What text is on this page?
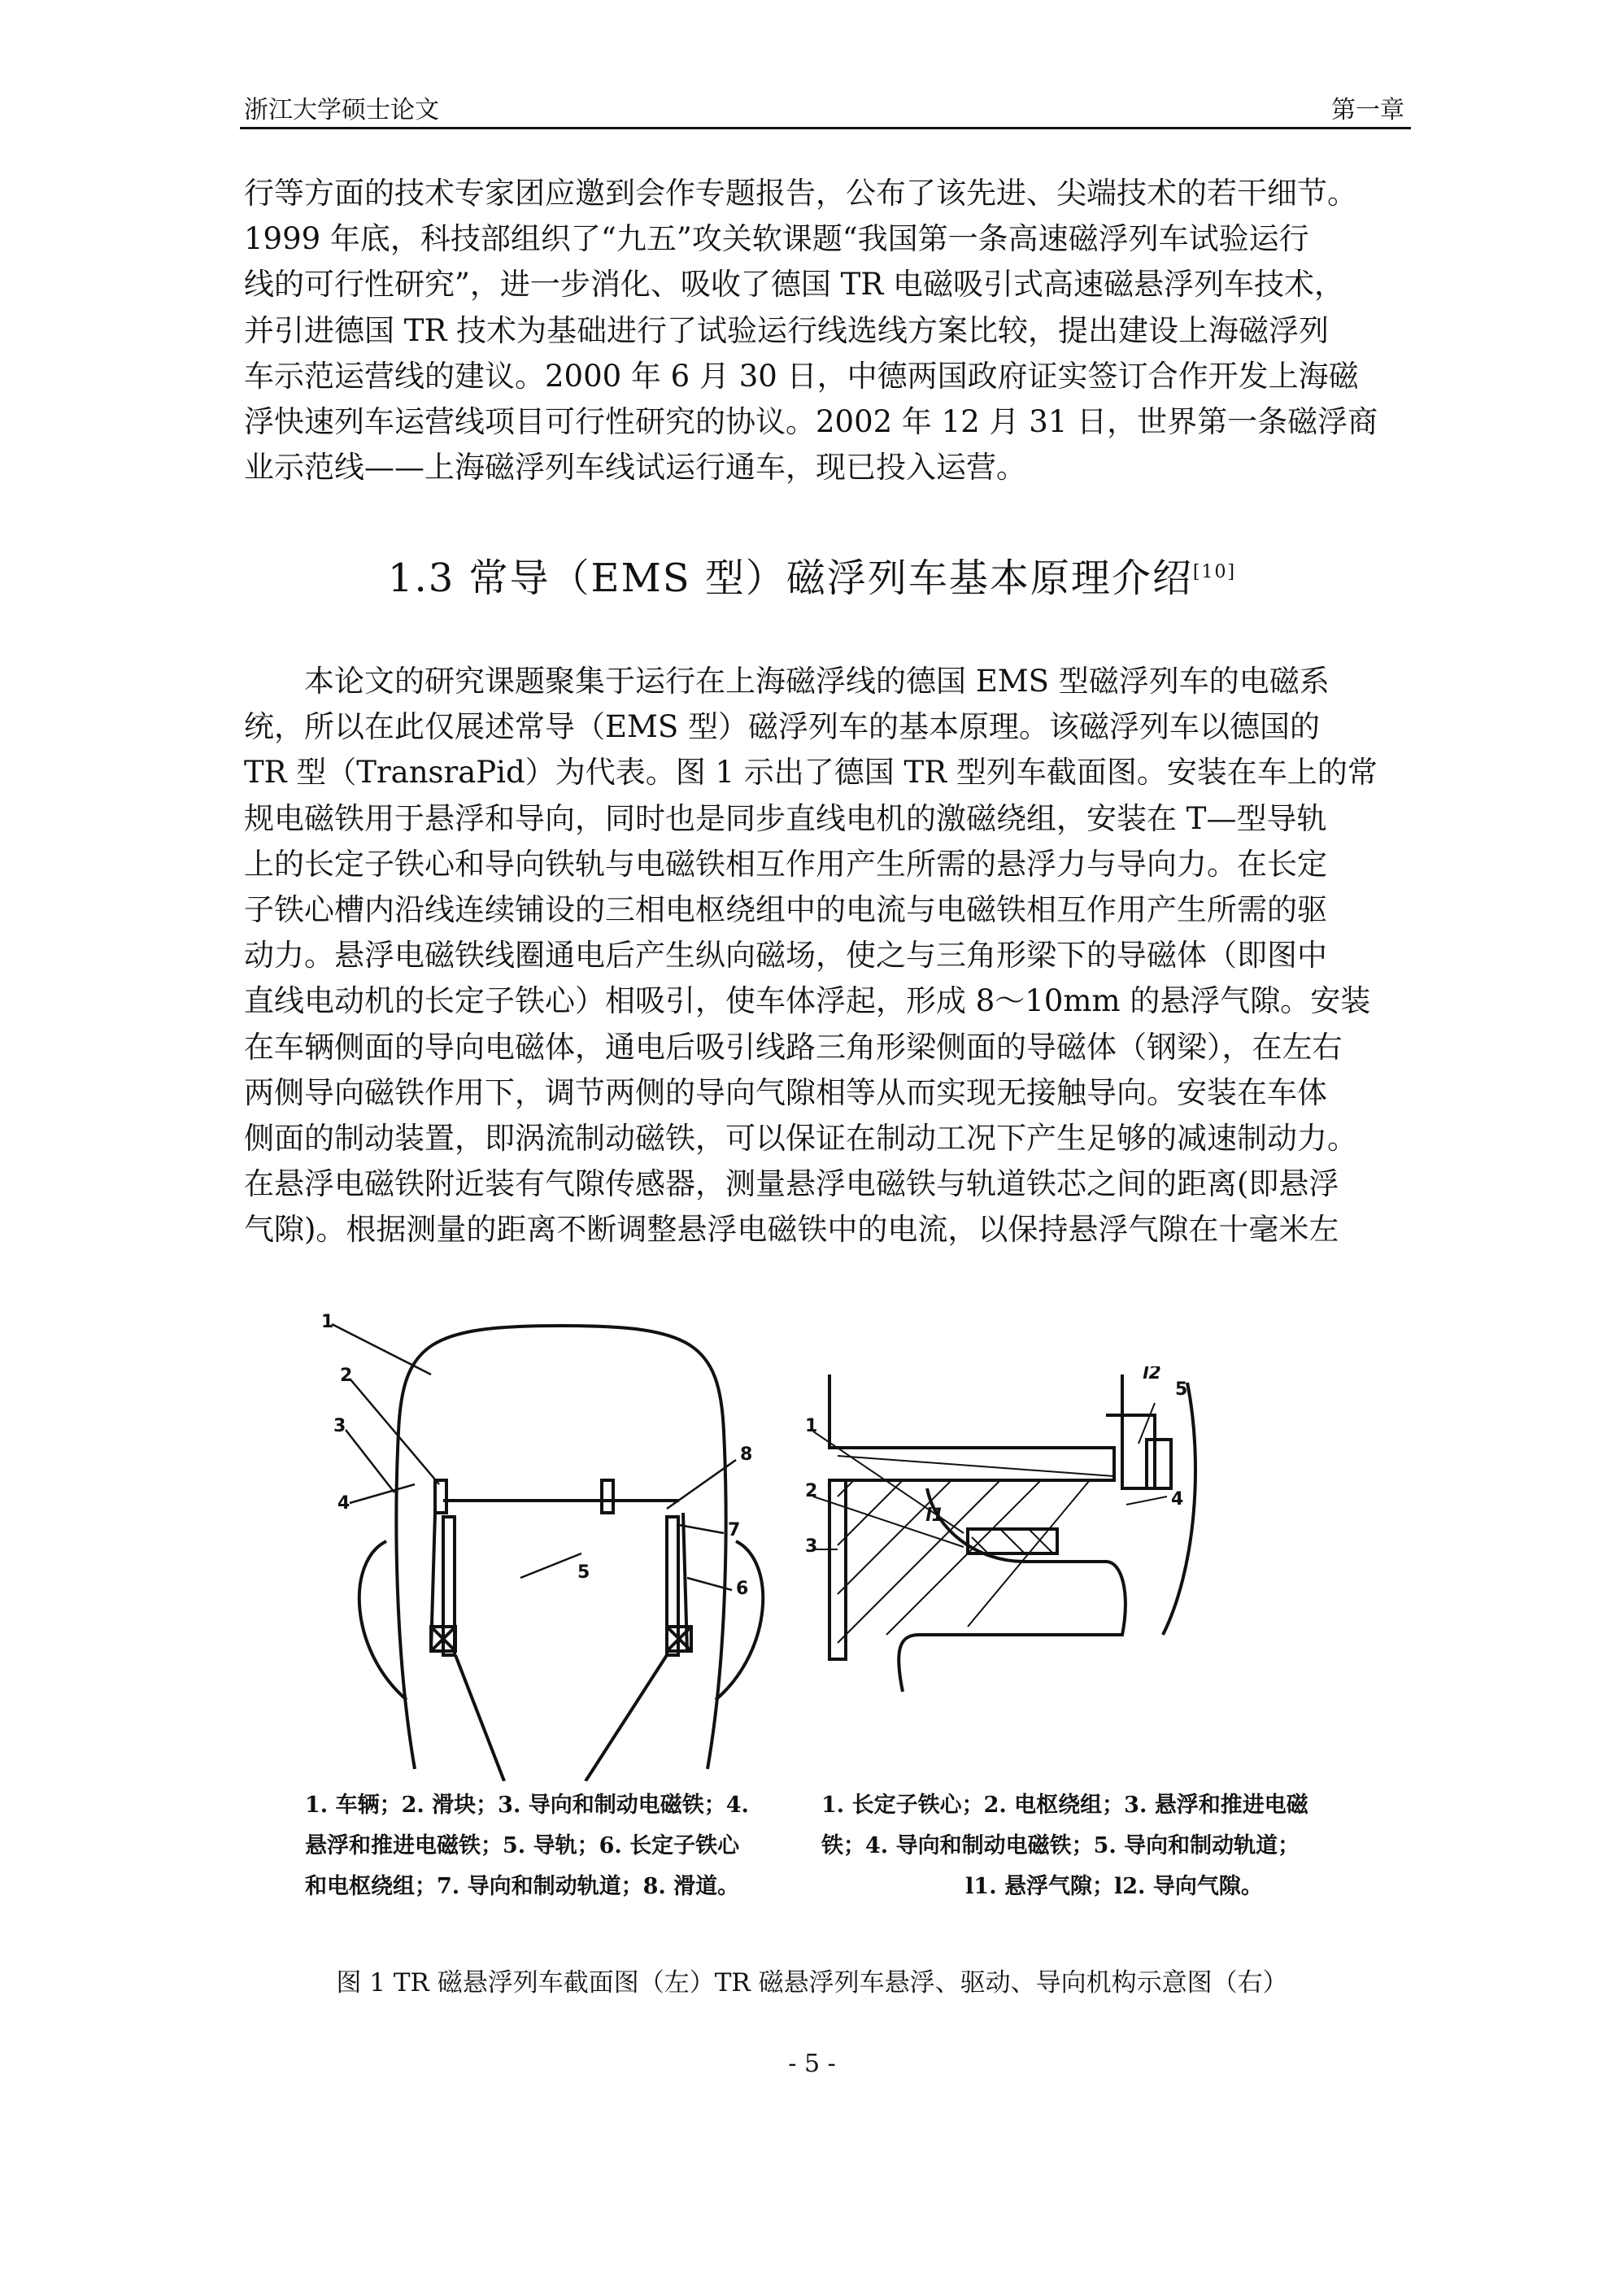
浙江大学硕士论文	第一章

行等方面的技术专家团应邀到会作专题报告，公布了该先进、尖端技术的若干细节。

1999 年底，科技部组织了“九五”攻关软课题“我国第一条高速磁浮列车试验运行

线的可行性研究”，进一步消化、吸收了德国 TR 电磁吸引式高速磁悬浮列车技术，

并引进德国 TR 技术为基础进行了试验运行线选线方案比较，提出建设上海磁浮列

车示范运营线的建议。2000 年 6 月 30 日，中德两国政府证实签订合作开发上海磁

浮快速列车运营线项目可行性研究的协议。2002 年 12 月 31 日，世界第一条磁浮商

业示范线——上海磁浮列车线试运行通车，现已投入运营。

1.3 常导（EMS 型）磁浮列车基本原理介绍[10]

本论文的研究课题聚集于运行在上海磁浮线的德国 EMS 型磁浮列车的电磁系

统，所以在此仅展述常导（EMS 型）磁浮列车的基本原理。该磁浮列车以德国的

TR 型（TransraPid）为代表。图 1 示出了德国 TR 型列车截面图。安装在车上的常

规电磁铁用于悬浮和导向，同时也是同步直线电机的激磁绕组，安装在 T—型导轨

上的长定子铁心和导向铁轨与电磁铁相互作用产生所需的悬浮力与导向力。在长定

子铁心槽内沿线连续铺设的三相电枢绕组中的电流与电磁铁相互作用产生所需的驱

动力。悬浮电磁铁线圈通电后产生纵向磁场，使之与三角形梁下的导磁体（即图中

直线电动机的长定子铁心）相吸引，使车体浮起，形成 8～10mm 的悬浮气隙。安装

在车辆侧面的导向电磁体，通电后吸引线路三角形梁侧面的导磁体（钢梁），在左右

两侧导向磁铁作用下，调节两侧的导向气隙相等从而实现无接触导向。安装在车体

侧面的制动装置，即涡流制动磁铁，可以保证在制动工况下产生足够的减速制动力。

在悬浮电磁铁附近装有气隙传感器，测量悬浮电磁铁与轨道铁芯之间的距离(即悬浮

气隙)。根据测量的距离不断调整悬浮电磁铁中的电流，以保持悬浮气隙在十毫米左

1
2
3
4
5
6
7
8
1
2
3
4
5
l1
l2
1. 车辆；2. 滑块；3. 导向和制动电磁铁；4.
悬浮和推进电磁铁；5. 导轨；6. 长定子铁心
和电枢绕组；7. 导向和制动轨道；8. 滑道。
1. 长定子铁心；2. 电枢绕组；3. 悬浮和推进电磁
铁；4. 导向和制动电磁铁；5. 导向和制动轨道；
l1. 悬浮气隙；l2. 导向气隙。
图 1 TR 磁悬浮列车截面图（左）TR 磁悬浮列车悬浮、驱动、导向机构示意图（右）
- 5 -
